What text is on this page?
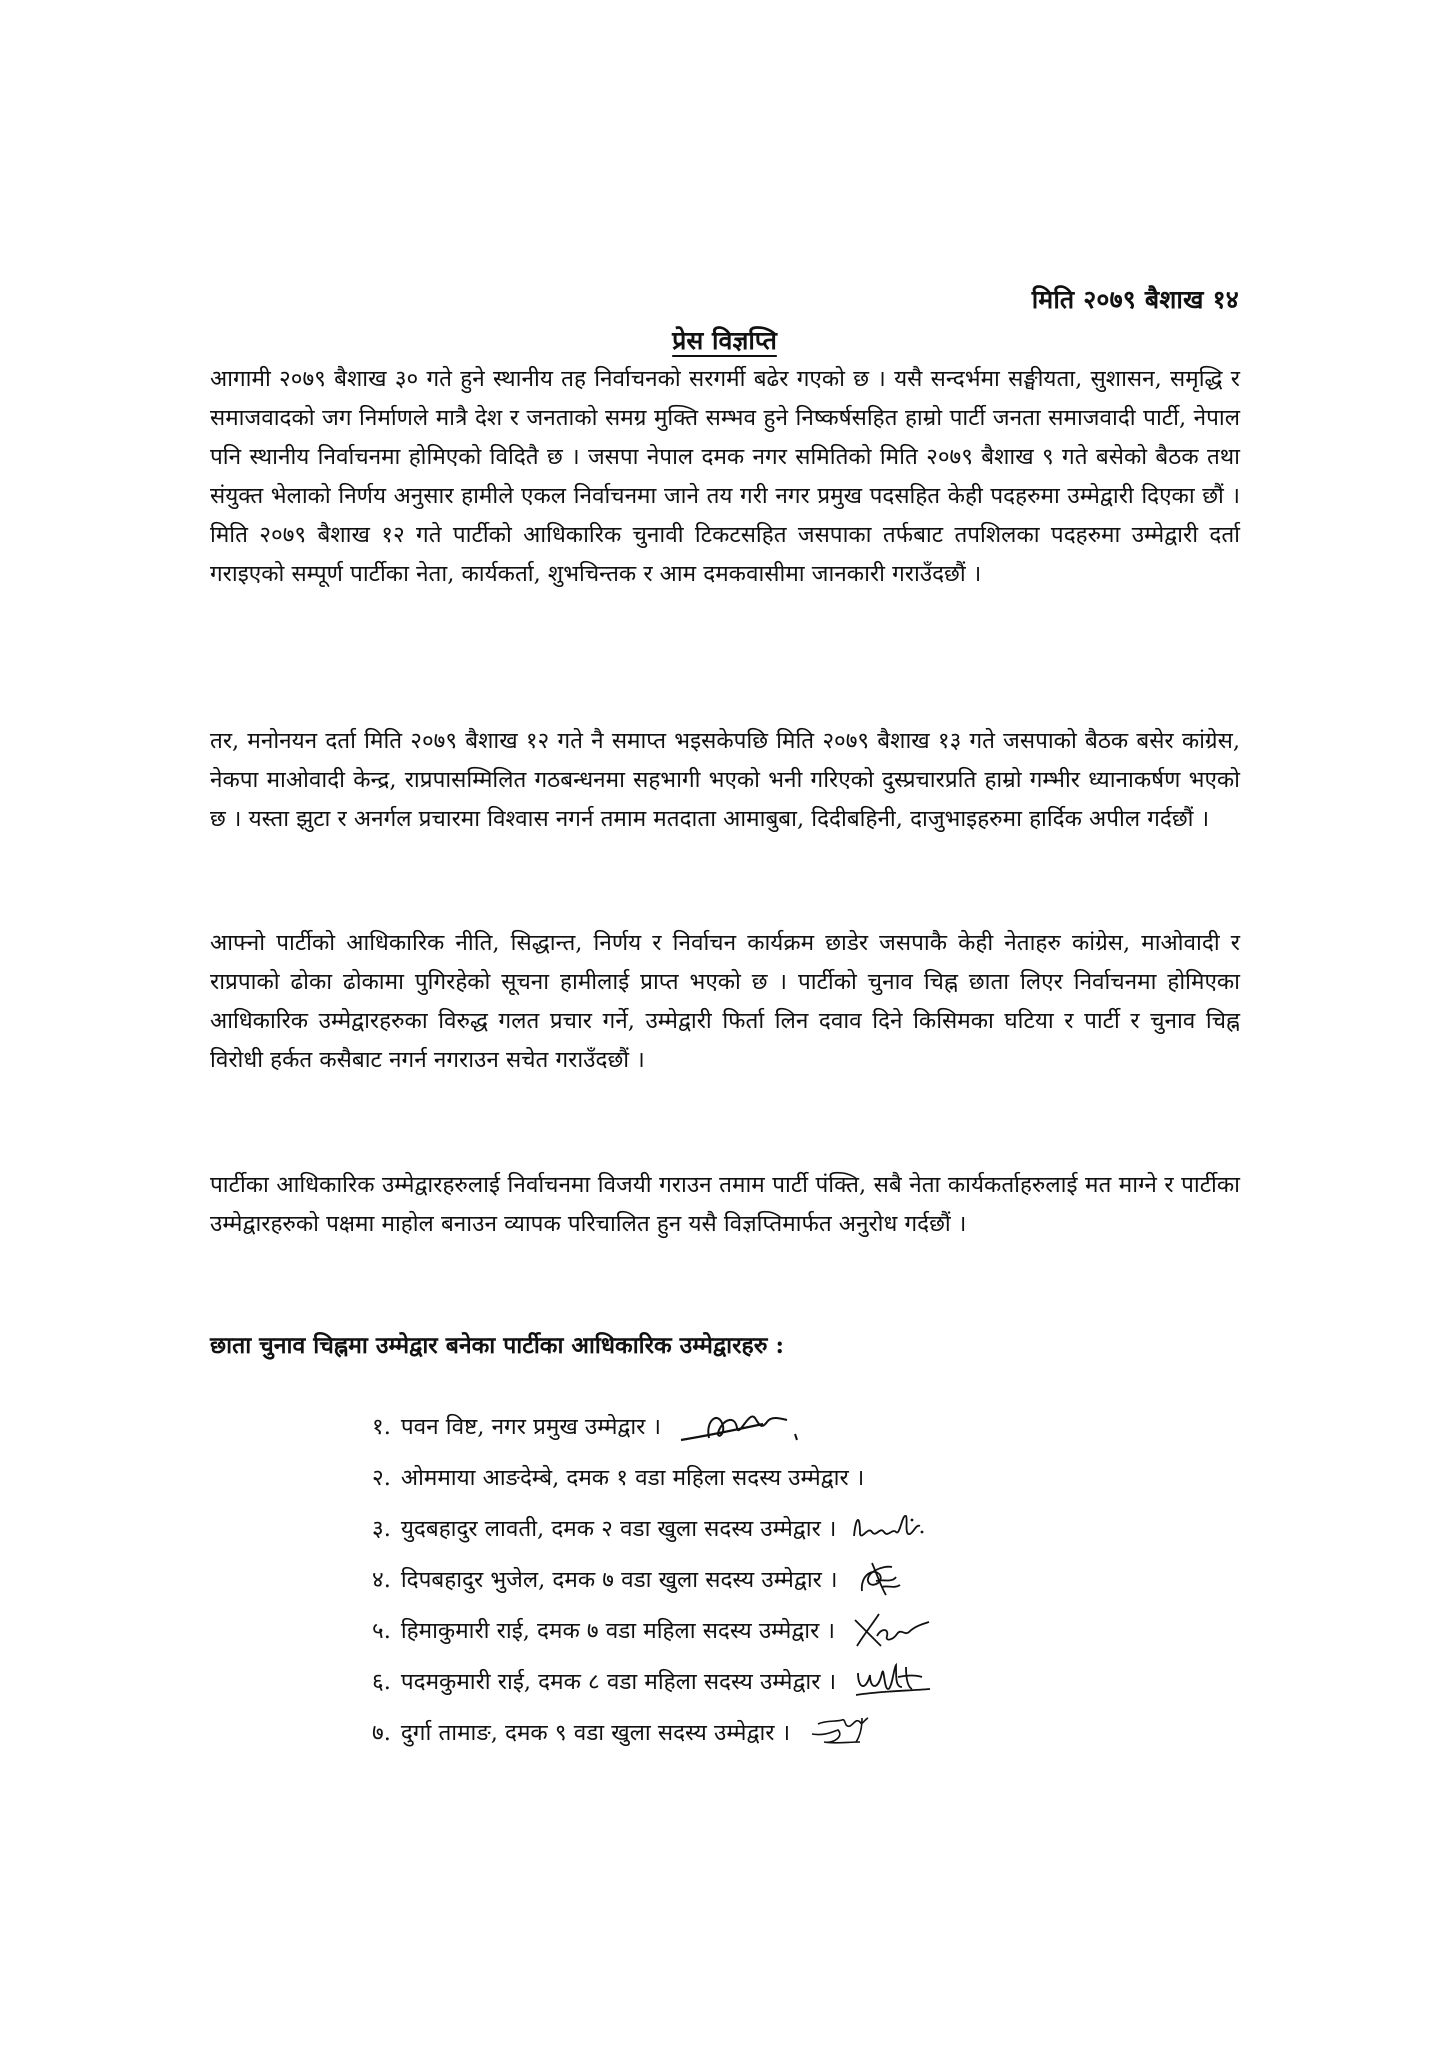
मिति २०७९ बैशाख १४
प्रेस विज्ञप्ति
आगामी २०७९ बैशाख ३० गते हुने स्थानीय तह निर्वाचनको सरगर्मी बढेर गएको छ । यसै सन्दर्भमा सङ्घीयता, सुशासन, समृद्धि र समाजवादको जग निर्माणले मात्रै देश र जनताको समग्र मुक्ति सम्भव हुने निष्कर्षसहित हाम्रो पार्टी जनता समाजवादी पार्टी, नेपाल पनि स्थानीय निर्वाचनमा होमिएको विदितै छ । जसपा नेपाल दमक नगर समितिको मिति २०७९ बैशाख ९ गते बसेको बैठक तथा संयुक्त भेलाको निर्णय अनुसार हामीले एकल निर्वाचनमा जाने तय गरी नगर प्रमुख पदसहित केही पदहरुमा उम्मेद्वारी दिएका छौं । मिति २०७९ बैशाख १२ गते पार्टीको आधिकारिक चुनावी टिकटसहित जसपाका तर्फबाट तपशिलका पदहरुमा उम्मेद्वारी दर्ता गराइएको सम्पूर्ण पार्टीका नेता, कार्यकर्ता, शुभचिन्तक र आम दमकवासीमा जानकारी गराउँदछौं ।
तर, मनोनयन दर्ता मिति २०७९ बैशाख १२ गते नै समाप्त भइसकेपछि मिति २०७९ बैशाख १३ गते जसपाको बैठक बसेर कांग्रेस, नेकपा माओवादी केन्द्र, राप्रपासम्मिलित गठबन्धनमा सहभागी भएको भनी गरिएको दुस्प्रचारप्रति हाम्रो गम्भीर ध्यानाकर्षण भएको छ । यस्ता झुटा र अनर्गल प्रचारमा विश्वास नगर्न तमाम मतदाता आमाबुबा, दिदीबहिनी, दाजुभाइहरुमा हार्दिक अपील गर्दछौं ।
आफ्नो पार्टीको आधिकारिक नीति, सिद्धान्त, निर्णय र निर्वाचन कार्यक्रम छाडेर जसपाकै केही नेताहरु कांग्रेस, माओवादी र राप्रपाको ढोका ढोकामा पुगिरहेको सूचना हामीलाई प्राप्त भएको छ । पार्टीको चुनाव चिह्न छाता लिएर निर्वाचनमा होमिएका आधिकारिक उम्मेद्वारहरुका विरुद्ध गलत प्रचार गर्ने, उम्मेद्वारी फिर्ता लिन दवाव दिने किसिमका घटिया र पार्टी र चुनाव चिह्न विरोधी हर्कत कसैबाट नगर्न नगराउन सचेत गराउँदछौं ।
पार्टीका आधिकारिक उम्मेद्वारहरुलाई निर्वाचनमा विजयी गराउन तमाम पार्टी पंक्ति, सबै नेता कार्यकर्ताहरुलाई मत माग्ने र पार्टीका उम्मेद्वारहरुको पक्षमा माहोल बनाउन व्यापक परिचालित हुन यसै विज्ञप्तिमार्फत अनुरोध गर्दछौं ।
छाता चुनाव चिह्नमा उम्मेद्वार बनेका पार्टीका आधिकारिक उम्मेद्वारहरु :
१. पवन विष्ट, नगर प्रमुख उम्मेद्वार ।
२. ओममाया आङदेम्बे, दमक १ वडा महिला सदस्य उम्मेद्वार ।
३. युदबहादुर लावती, दमक २ वडा खुला सदस्य उम्मेद्वार ।
४. दिपबहादुर भुजेल, दमक ७ वडा खुला सदस्य उम्मेद्वार ।
५. हिमाकुमारी राई, दमक ७ वडा महिला सदस्य उम्मेद्वार ।
६. पदमकुमारी राई, दमक ८ वडा महिला सदस्य उम्मेद्वार ।
७. दुर्गा तामाङ, दमक ९ वडा खुला सदस्य उम्मेद्वार ।
